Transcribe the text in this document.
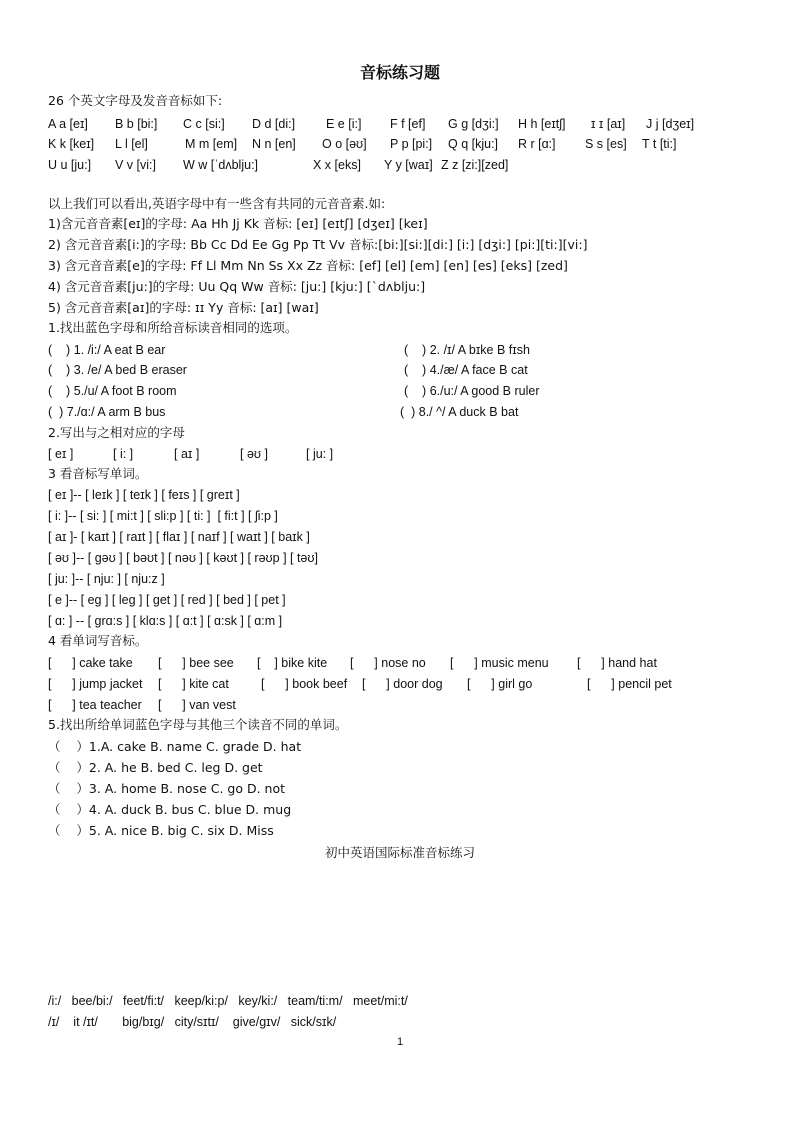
音标练习题
26 个英文字母及发音音标如下:
A a [eɪ] B b [bi:] C c [si:] D d [di:] E e [i:] F f [ef] G g [dʒi:] H h [eɪtʃ] ɪ ɪ [aɪ] J j [dʒeɪ]
K k [keɪ] L l [el]	M m [em] N n [en] O o [əʊ] P p [pi:] Q q [kju:] R r [ɑ:] S s [es] T t [ti:]
U u [ju:] V v [vi:] W w [ˈdʌblju:]	X x [eks] Y y [waɪ] Z z [zi:][zed]
以上我们可以看出,英语字母中有一些含有共同的元音音素.如:
1)含元音音素[eɪ]的字母: Aa Hh Jj Kk 音标: [eɪ] [eɪtʃ] [dʒeɪ] [keɪ]
2) 含元音音素[i:]的字母: Bb Cc Dd Ee Gg Pp Tt Vv 音标:[bi:][si:][di:] [i:] [dʒi:] [pi:][ti:][vi:]
3) 含元音音素[e]的字母: Ff Ll Mm Nn Ss Xx Zz 音标: [ef] [el] [em] [en] [es] [eks] [zed]
4) 含元音音素[ju:]的字母: Uu Qq Ww 音标: [ju:] [kju:] [`dʌblju:]
5) 含元音音素[aɪ]的字母: ɪɪ Yy 音标: [aɪ] [waɪ]
1.找出蓝色字母和所给音标读音相同的选项。
(    ) 1. /i:/ A eat B ear	(    ) 2. /ɪ/ A bɪke B fɪsh
(    ) 3. /e/ A bed B eraser	(    ) 4./æ/ A face B cat
(    ) 5./u/ A foot B room	(    ) 6./u:/ A good B ruler
(  ) 7./ɑ:/ A arm B bus	(  ) 8./ ^/ A duck B bat
2.写出与之相对应的字母
[ eɪ ]	[ i: ]	[ aɪ ]	[ əʊ ]	[ ju: ]
3 看音标写单词。
[ eɪ ]-- [ leɪk ] [ teɪk ] [ feɪs ] [ greɪt ]
[ i: ]-- [ si: ] [ mi:t ] [ sli:p ] [ ti: ]  [ fi:t ] [ ʃi:p ]
[ aɪ ]- [ kaɪt ] [ raɪt ] [ flaɪ ] [ naɪf ] [ waɪt ] [ baɪk ]
[ əʊ ]-- [ gəʊ ] [ bəʊt ] [ nəʊ ] [ kəʊt ] [ rəʊp ] [ təʊ]
[ ju: ]-- [ nju: ] [ nju:z ]
[ e ]-- [ eg ] [ leg ] [ get ] [ red ] [ bed ] [ pet ]
[ ɑ: ] -- [ grɑ:s ] [ klɑ:s ] [ ɑ:t ] [ ɑ:sk ] [ ɑ:m ]
4 看单词写音标。
[      ] cake take [      ] bee see [    ] bike kite [      ] nose no [      ] music menu [      ] hand hat
[      ] jump jacket [      ] kite cat	[      ] book beef [      ] door dog [      ] girl go	[      ] pencil pet
[      ] tea teacher [      ] van vest
5.找出所给单词蓝色字母与其他三个读音不同的单词。
（    ）1.A. cake B. name C. grade D. hat
（    ）2. A. he B. bed C. leg D. get
（    ）3. A. home B. nose C. go D. not
（    ）4. A. duck B. bus C. blue D. mug
（    ）5. A. nice B. big C. six D. Miss
初中英语国际标准音标练习
/i:/   bee/bi:/   feet/fi:t/   keep/ki:p/   key/ki:/   team/ti:m/   meet/mi:t/
/ɪ/    it /ɪt/       big/bɪg/   city/sɪtɪ/    give/gɪv/   sick/sɪk/
1
